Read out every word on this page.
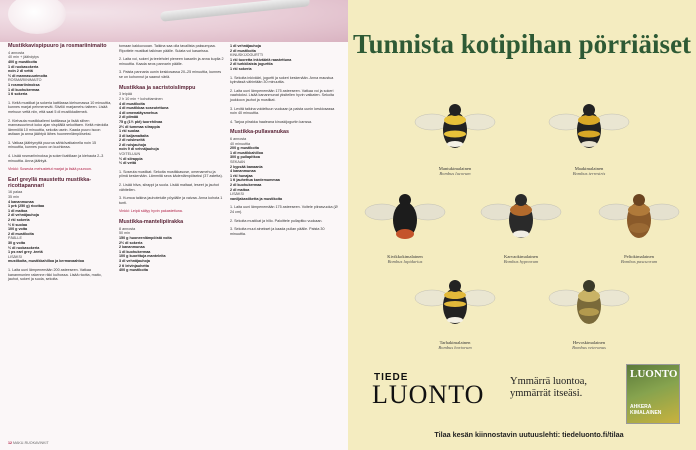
Mustikkavispipuuro ja rosmariinimaito
4 annosta
40 min + jäähdytys
400 g mustikoita
1 dl ruokasokeria
noin 2 dl vettä
½ dl mannasuurimoita
ROSMARIINIMAITO
1 rosmariininoksa
1 dl kuohukermaa
1 tl sokeria
1. Keitä mustikat ja sokeria kattilassa kiehumassa 10 minuuttia, kunnes marjat pehmenevät. Siivilöi marjamehu talteen. Lisää mehuun vettä niin, että saat 5 dl mustikkaliemeä.
2. Kiehauta mustikkaliemi kattilassa ja lisää siihen mannasuurimot koko ajan vispilällä sekoittaen. Keitä miedolla lämmöllä 10 minuuttia, sekoita usein. Kaada puuro isoon astiaan ja anna jäähtyä lähes huoneenlämpöiseksi.
3. Vatkaa jäähtynyttä puuroa sähkövatkainella noin 15 minuuttia, kunnes puuro on kuohkeaa.
4. Lisää rosmariininoksa ja sokeri kattilaan ja kiehauta 2–3 minuuttia. Anna jäähtyä.
Vinkki: Soseuta mehustetut marjat ja lisää puuroon.
Earl greyllä maustettu mustikka-ricottapannari
16 palaa
35 min
4 kananmunaa
1 prk (250 g) ricottaa
1 dl maitoa
2 dl vehnäjauhoja
2 rkl sokeria
½ tl suolaa
100 g voita
2 dl mustikoita
PÄÄLLE
30 g voita
½ dl ruokasokeria
1 ps earl grey -teetä
LISÄKSI
mustikoita, mustikkahilloa ja kermavaahtoa
1. Laita uuni lämpenemään 200 asteeseen. Vatkaa kananmunien rakenne rikki kulhossa. Lisää ricotta, maito, jauhot, sokeri ja suola, sekoita.
tomaan kakkuvuoan. Taikina saa olla tavallista paksumpaa. Ripottele mustikat taikinan päälle. Sulata voi kasarissa.
2. Laita voi, sokeri ja teelehdet pieneen kasariin ja anna kuplia 2 minuuttia. Kaada seos pannarin päälle.
3. Paista pannaria uunin keskiosassa 20–25 minuuttia, kunnes se on kohonnut ja saanut väriä.
Mustikkaa ja sacristoislimppu
3 leipää
2 h 10 min + kohottaminen
4 dl mustikoita
4 dl mustikkaa soseutettuna
4 dl omenatäysmehua
2 dl piimää
75 g (1½ pkt) tuorehiivaa
2½ dl tummaa siirappia
1 rkl suolaa
3 dl kaljamaltaita
2 dl ruisleseitä
2 dl ruisjauhoja
noin 9 dl vehnäjauhoja
VOITELUUN
½ dl siirappia
½ dl vettä
1. Soseuta mustikat. Sekoita mustikkasose, omenamehu ja piimä keskenään. Lämmitä seos kädenlämpöiseksi (37 astetta).
2. Lisää hiiva, siirappi ja suola. Lisää maltaat, leseet ja jauhot vähitellen.
3. Kumoa taikina jauhotetulle pöydälle ja vaivaa. Anna kohota 1 tunti.
Vinkki: Leipä säilyy hyvin pakastettuna.
Mustikka-mantelipiirakka
8 annosta
50 min
150 g huoneenlämpöistä voita
2½ dl sokeria
2 kananmunaa
1 dl kuohukermaa
100 g kuorittuja manteleita
3 dl vehnäjauhoja
2 tl leivinjauhetta
400 g mustikoita
1 dl vehnäjauhoja
2 dl mustikoita
KINUSKIJOGURTTI
1 rkl tuoretta inkivääriä raastettuna
2 dl turkkilaista jogurttia
1 rkl sokeria
1. Sekoita inkivääri, jogurtti ja sokeri keskenään. Anna maustua kylmässä vähintään 30 minuuttia.
2. Laita uuni lämpenemään 175 asteeseen. Vatkaa voi ja sokeri vaahdoksi. Lisää kananmunat yksitellen hyvin vatkaten. Sekoita joukkoon jauhot ja mustikat.
3. Levitä taikina voideltuun vuokaan ja paista uunin keskiosassa noin 40 minuuttia.
4. Tarjoa piirakka haaleana kinuskijogurtin kanssa.
Mustikka-pullavanukas
6 annosta
40 minuuttia
200 g mustikoita
1 dl mustikkahilloa
300 g pullapitkoa
SEKAAN
2 kypsää banaania
4 kananmunaa
1 rkl hunajaa
1 tl jauhettua kardemummaa
2 dl kuohukermaa
2 dl maitoa
LISÄKSI
vaniljakastiketta ja mustikoita
1. Laita uuni lämpenemään 175 asteeseen. Voitele piirasvuoka (Ø 24 cm).
2. Sekoita mustikat ja hillo. Paloittele pullapitko vuokaan.
3. Sekoita muut ainekset ja kaada pullan päälle. Paista 30 minuuttia.
12 MAKU-RUOKAVINKIT
Tunnista kotipihan pörriäiset
Mantukimalainen
Bombus lucorum
Maakimalainen
Bombus terrestris
Kivikkokimalainen
Bombus lapidarius
Karvaokimalainen
Bombus hypnorum
Peltokimalainen
Bombus pascuorum
Tarhakimalainen
Bombus hortorum
Hevoskimalainen
Bombus veteranus
TIEDE
LUONTO Ymmärrä luontoa, ymmärrät itseäsi.
LUONTO
AHKERA KIMALAINEN
Tilaa kesän kiinnostavin uutuuslehti: tiedeluonto.fi/tilaa
